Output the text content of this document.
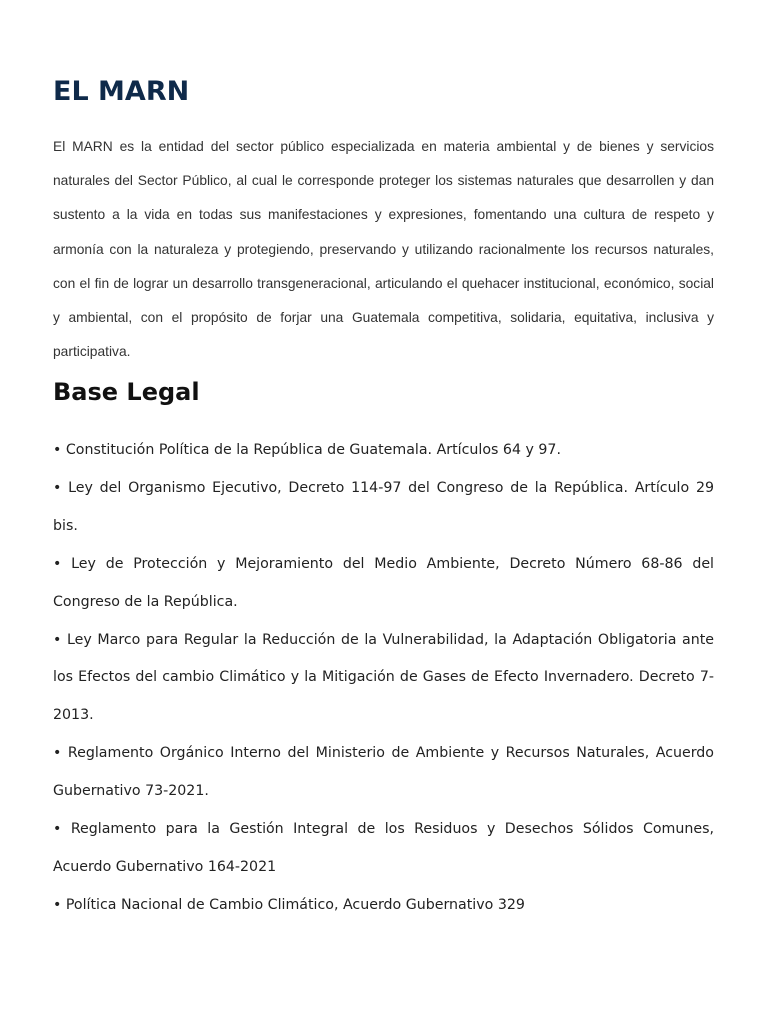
EL MARN

El MARN es la entidad del sector público especializada en materia ambiental y de bienes y servicios naturales del Sector Público, al cual le corresponde proteger los sistemas naturales que desarrollen y dan sustento a la vida en todas sus manifestaciones y expresiones, fomentando una cultura de respeto y armonía con la naturaleza y protegiendo, preservando y utilizando racionalmente los recursos naturales, con el fin de lograr un desarrollo transgeneracional, articulando el quehacer institucional, económico, social y ambiental, con el propósito de forjar una Guatemala competitiva, solidaria, equitativa, inclusiva y participativa.

Base Legal
• Constitución Política de la República de Guatemala. Artículos 64 y 97.
• Ley del Organismo Ejecutivo, Decreto 114-97 del Congreso de la República. Artículo 29 bis.
• Ley de Protección y Mejoramiento del Medio Ambiente, Decreto Número 68-86 del Congreso de la República.
• Ley Marco para Regular la Reducción de la Vulnerabilidad, la Adaptación Obligatoria ante los Efectos del cambio Climático y la Mitigación de Gases de Efecto Invernadero. Decreto 7-2013.
• Reglamento Orgánico Interno del Ministerio de Ambiente y Recursos Naturales, Acuerdo Gubernativo 73-2021.
• Reglamento para la Gestión Integral de los Residuos y Desechos Sólidos Comunes, Acuerdo Gubernativo 164-2021
• Política Nacional de Cambio Climático, Acuerdo Gubernativo 329
